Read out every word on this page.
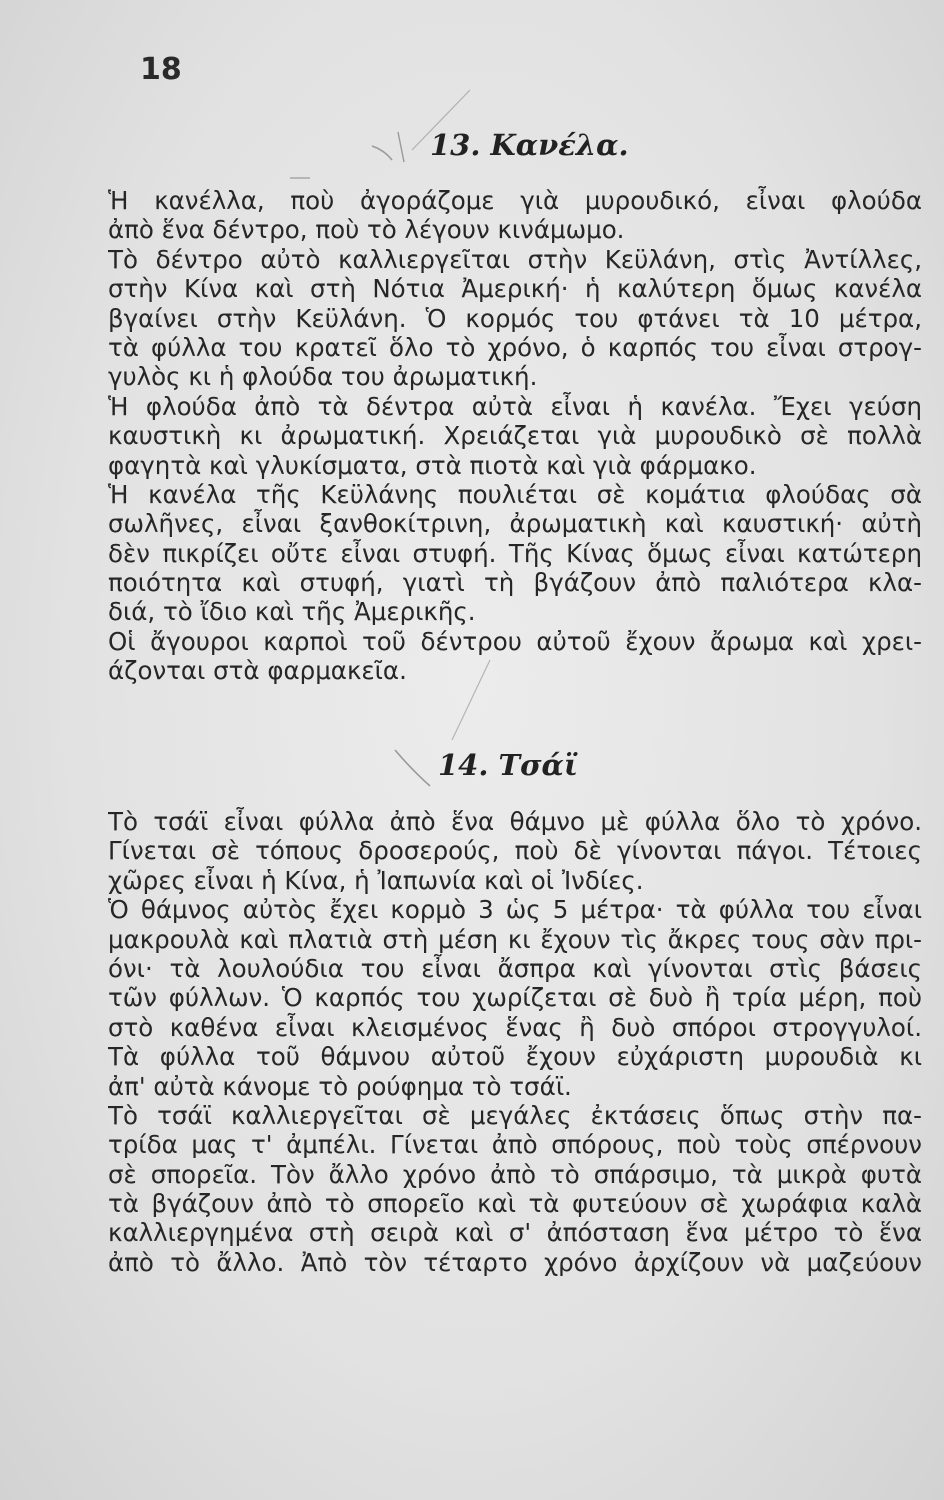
18
13. Κανέλα.
Ἡ κανέλλα, ποὺ ἀγοράζομε γιὰ μυρουδικό, εἶναι φλούδα
ἀπὸ ἕνα δέντρο, ποὺ τὸ λέγουν κινάμωμο.
Τὸ δέντρο αὐτὸ καλλιεργεῖται στὴν Κεϋλάνη, στὶς Ἀντίλλες,
στὴν Κίνα καὶ στὴ Νότια Ἀμερική· ἡ καλύτερη ὅμως κανέλα
βγαίνει στὴν Κεϋλάνη. Ὁ κορμός του φτάνει τὰ 10 μέτρα,
τὰ φύλλα του κρατεῖ ὅλο τὸ χρόνο, ὁ καρπός του εἶναι στρογ-
γυλὸς κι ἡ φλούδα του ἀρωματική.
Ἡ φλούδα ἀπὸ τὰ δέντρα αὐτὰ εἶναι ἡ κανέλα. Ἔχει γεύση
καυστικὴ κι ἀρωματική. Χρειάζεται γιὰ μυρουδικὸ σὲ πολλὰ
φαγητὰ καὶ γλυκίσματα, στὰ πιοτὰ καὶ γιὰ φάρμακο.
Ἡ κανέλα τῆς Κεϋλάνης πουλιέται σὲ κομάτια φλούδας σὰ
σωλῆνες, εἶναι ξανθοκίτρινη, ἀρωματικὴ καὶ καυστική· αὐτὴ
δὲν πικρίζει οὔτε εἶναι στυφή. Τῆς Κίνας ὅμως εἶναι κατώτερη
ποιότητα καὶ στυφή, γιατὶ τὴ βγάζουν ἀπὸ παλιότερα κλα-
διά, τὸ ἴδιο καὶ τῆς Ἀμερικῆς.
Οἱ ἄγουροι καρποὶ τοῦ δέντρου αὐτοῦ ἔχουν ἄρωμα καὶ χρει-
άζονται στὰ φαρμακεῖα.
14. Τσάϊ
Τὸ τσάϊ εἶναι φύλλα ἀπὸ ἕνα θάμνο μὲ φύλλα ὅλο τὸ χρόνο.
Γίνεται σὲ τόπους δροσερούς, ποὺ δὲ γίνονται πάγοι. Τέτοιες
χῶρες εἶναι ἡ Κίνα, ἡ Ἰαπωνία καὶ οἱ Ἰνδίες.
Ὁ θάμνος αὐτὸς ἔχει κορμὸ 3 ὡς 5 μέτρα· τὰ φύλλα του εἶναι
μακρουλὰ καὶ πλατιὰ στὴ μέση κι ἔχουν τὶς ἄκρες τους σὰν πρι-
όνι· τὰ λουλούδια του εἶναι ἄσπρα καὶ γίνονται στὶς βάσεις
τῶν φύλλων. Ὁ καρπός του χωρίζεται σὲ δυὸ ἢ τρία μέρη, ποὺ
στὸ καθένα εἶναι κλεισμένος ἕνας ἢ δυὸ σπόροι στρογγυλοί.
Τὰ φύλλα τοῦ θάμνου αὐτοῦ ἔχουν εὐχάριστη μυρουδιὰ κι
ἀπ' αὐτὰ κάνομε τὸ ρούφημα τὸ τσάϊ.
Τὸ τσάϊ καλλιεργεῖται σὲ μεγάλες ἐκτάσεις ὅπως στὴν πα-
τρίδα μας τ' ἀμπέλι. Γίνεται ἀπὸ σπόρους, ποὺ τοὺς σπέρνουν
σὲ σπορεῖα. Τὸν ἄλλο χρόνο ἀπὸ τὸ σπάρσιμο, τὰ μικρὰ φυτὰ
τὰ βγάζουν ἀπὸ τὸ σπορεῖο καὶ τὰ φυτεύουν σὲ χωράφια καλὰ
καλλιεργημένα στὴ σειρὰ καὶ σ' ἀπόσταση ἕνα μέτρο τὸ ἕνα
ἀπὸ τὸ ἄλλο. Ἀπὸ τὸν τέταρτο χρόνο ἀρχίζουν νὰ μαζεύουν
